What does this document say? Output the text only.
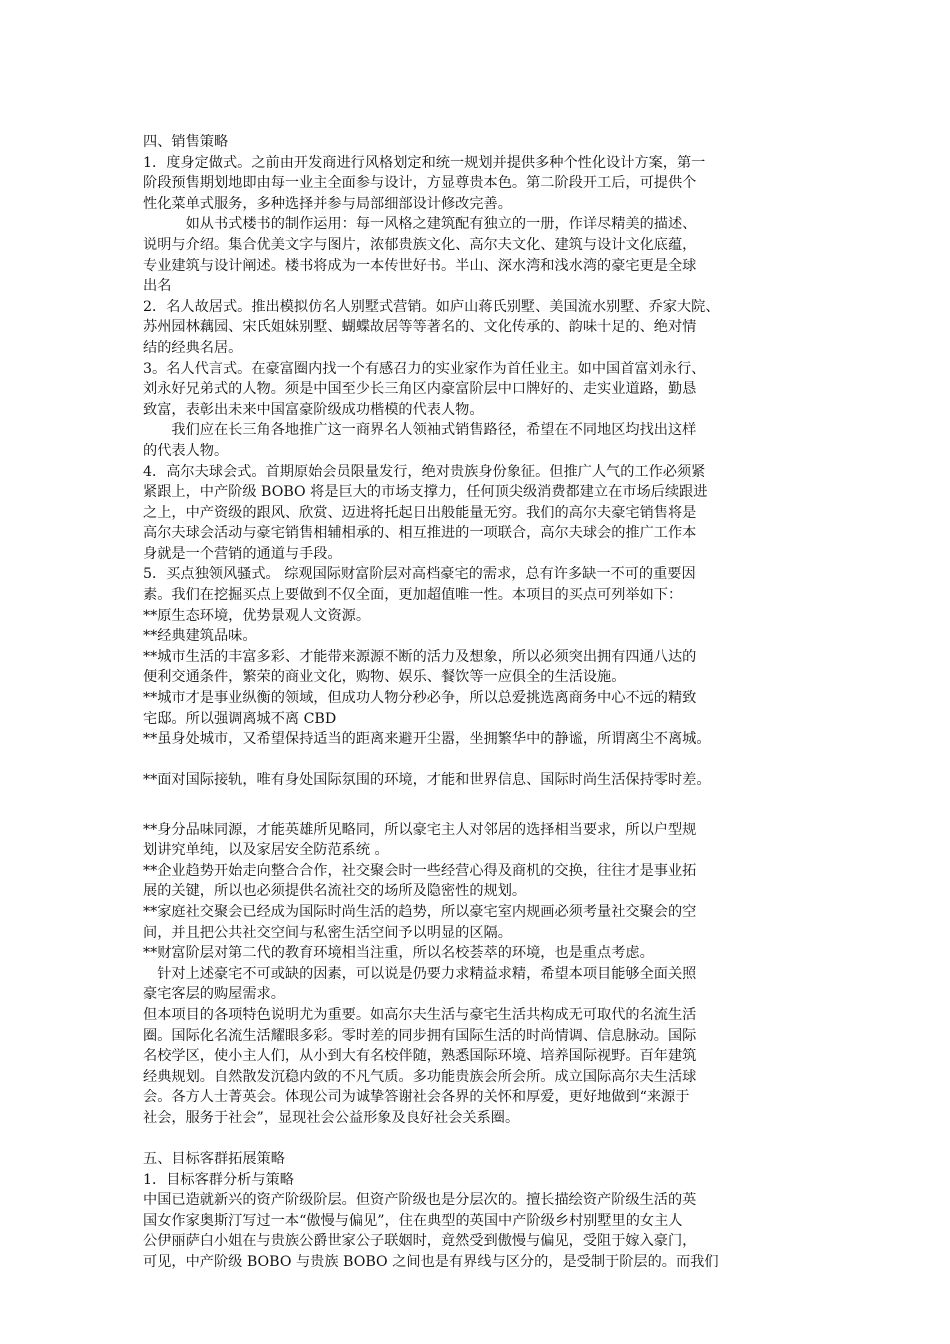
四、销售策略
1．度身定做式。之前由开发商进行风格划定和统一规划并提供多种个性化设计方案，第一
阶段预售期划地即由每一业主全面参与设计，方显尊贵本色。第二阶段开工后，可提供个
性化菜单式服务，多种选择并参与局部细部设计修改完善。
　　　如从书式楼书的制作运用：每一风格之建筑配有独立的一册，作详尽精美的描述、
说明与介绍。集合优美文字与图片，浓郁贵族文化、高尔夫文化、建筑与设计文化底蕴，
专业建筑与设计阐述。楼书将成为一本传世好书。半山、深水湾和浅水湾的豪宅更是全球
出名
2．名人故居式。推出模拟仿名人别墅式营销。如庐山蒋氏别墅、美国流水别墅、乔家大院、
苏州园林藕园、宋氏姐妹别墅、蝴蝶故居等等著名的、文化传承的、韵味十足的、绝对情
结的经典名居。
3。名人代言式。在豪富圈内找一个有感召力的实业家作为首任业主。如中国首富刘永行、
刘永好兄弟式的人物。须是中国至少长三角区内豪富阶层中口牌好的、走实业道路，勤恳
致富，表彰出未来中国富豪阶级成功楷模的代表人物。
　　我们应在长三角各地推广这一商界名人领袖式销售路径，希望在不同地区均找出这样
的代表人物。
4．高尔夫球会式。首期原始会员限量发行，绝对贵族身份象征。但推广人气的工作必须紧
紧跟上，中产阶级 BOBO 将是巨大的市场支撑力，任何顶尖级消费都建立在市场后续跟进
之上，中产资级的跟风、欣赏、迈进将托起日出般能量无穷。我们的高尔夫豪宅销售将是
高尔夫球会活动与豪宅销售相辅相承的、相互推进的一项联合，高尔夫球会的推广工作本
身就是一个营销的通道与手段。
5．买点独领风骚式。 综观国际财富阶层对高档豪宅的需求，总有许多缺一不可的重要因
素。我们在挖掘买点上要做到不仅全面，更加超值唯一性。本项目的买点可列举如下：
**原生态环境，优势景观人文资源。
**经典建筑品味。
**城市生活的丰富多彩、才能带来源源不断的活力及想象，所以必须突出拥有四通八达的
便利交通条件，繁荣的商业文化，购物、娱乐、餐饮等一应俱全的生活设施。
**城市才是事业纵衡的领域，但成功人物分秒必争，所以总爱挑选离商务中心不远的精致
宅邸。所以强调离城不离 CBD
**虽身处城市，又希望保持适当的距离来避开尘嚣，坐拥繁华中的静谧，所谓离尘不离城。
**面对国际接轨，唯有身处国际氛围的环境，才能和世界信息、国际时尚生活保持零时差。
**身分品味同源，才能英雄所见略同，所以豪宅主人对邻居的选择相当要求，所以户型规
划讲究单纯，以及家居安全防范系统 。
**企业趋势开始走向整合合作，社交聚会时一些经营心得及商机的交换，往往才是事业拓
展的关键，所以也必须提供名流社交的场所及隐密性的规划。
**家庭社交聚会已经成为国际时尚生活的趋势，所以豪宅室内规画必须考量社交聚会的空
间，并且把公共社交空间与私密生活空间予以明显的区隔。
**财富阶层对第二代的教育环境相当注重，所以名校荟萃的环境，也是重点考虑。
　针对上述豪宅不可或缺的因素，可以说是仍要力求精益求精，希望本项目能够全面关照
豪宅客层的购屋需求。
但本项目的各项特色说明尤为重要。如高尔夫生活与豪宅生活共构成无可取代的名流生活
圈。国际化名流生活耀眼多彩。零时差的同步拥有国际生活的时尚情调、信息脉动。国际
名校学区，使小主人们，从小到大有名校伴随，熟悉国际环境、培养国际视野。百年建筑
经典规划。自然散发沉稳内敛的不凡气质。多功能贵族会所会所。成立国际高尔夫生活球
会。各方人士菁英会。体现公司为诚挚答谢社会各界的关怀和厚爱，更好地做到“来源于
社会，服务于社会”，显现社会公益形象及良好社会关系圈。
五、目标客群拓展策略
1．目标客群分析与策略
中国已造就新兴的资产阶级阶层。但资产阶级也是分层次的。擅长描绘资产阶级生活的英
国女作家奥斯汀写过一本“傲慢与偏见”，住在典型的英国中产阶级乡村别墅里的女主人
公伊丽萨白小姐在与贵族公爵世家公子联姻时，竟然受到傲慢与偏见，受阻于嫁入豪门，
可见，中产阶级 BOBO 与贵族 BOBO 之间也是有界线与区分的，是受制于阶层的。而我们
